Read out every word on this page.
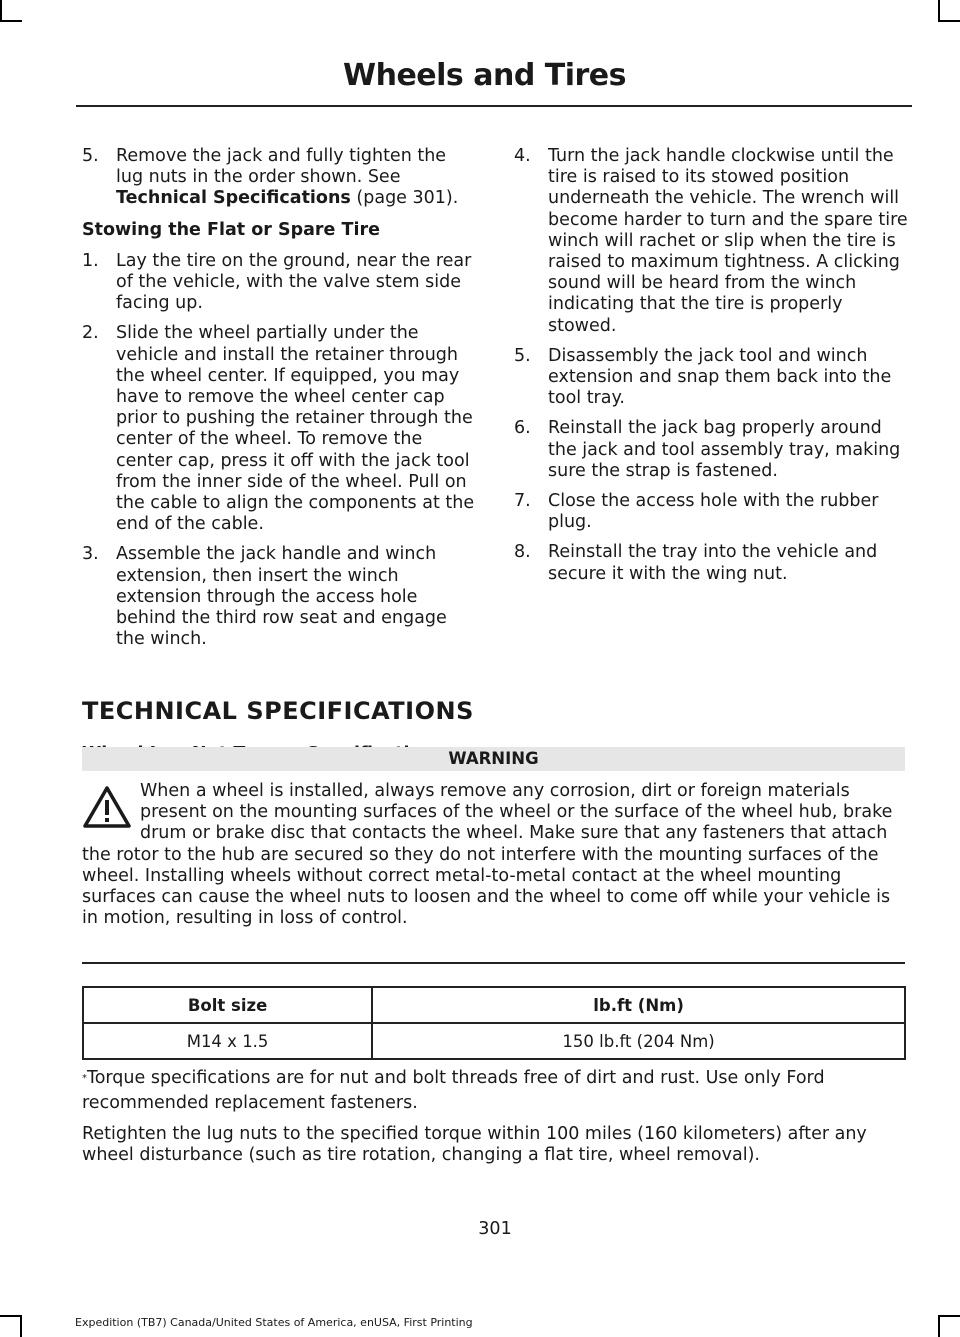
Wheels and Tires
5. Remove the jack and fully tighten the lug nuts in the order shown. See Technical Specifications (page 301).
Stowing the Flat or Spare Tire
1. Lay the tire on the ground, near the rear of the vehicle, with the valve stem side facing up.
2. Slide the wheel partially under the vehicle and install the retainer through the wheel center. If equipped, you may have to remove the wheel center cap prior to pushing the retainer through the center of the wheel. To remove the center cap, press it off with the jack tool from the inner side of the wheel. Pull on the cable to align the components at the end of the cable.
3. Assemble the jack handle and winch extension, then insert the winch extension through the access hole behind the third row seat and engage the winch.
4. Turn the jack handle clockwise until the tire is raised to its stowed position underneath the vehicle. The wrench will become harder to turn and the spare tire winch will rachet or slip when the tire is raised to maximum tightness. A clicking sound will be heard from the winch indicating that the tire is properly stowed.
5. Disassembly the jack tool and winch extension and snap them back into the tool tray.
6. Reinstall the jack bag properly around the jack and tool assembly tray, making sure the strap is fastened.
7. Close the access hole with the rubber plug.
8. Reinstall the tray into the vehicle and secure it with the wing nut.
TECHNICAL SPECIFICATIONS
WARNING
When a wheel is installed, always remove any corrosion, dirt or foreign materials present on the mounting surfaces of the wheel or the surface of the wheel hub, brake drum or brake disc that contacts the wheel. Make sure that any fasteners that attach the rotor to the hub are secured so they do not interfere with the mounting surfaces of the wheel. Installing wheels without correct metal-to-metal contact at the wheel mounting surfaces can cause the wheel nuts to loosen and the wheel to come off while your vehicle is in motion, resulting in loss of control.
Bolt size	lb.ft (Nm)
M14 x 1.5	150 lb.ft (204 Nm)
*Torque specifications are for nut and bolt threads free of dirt and rust. Use only Ford recommended replacement fasteners.
Retighten the lug nuts to the specified torque within 100 miles (160 kilometers) after any wheel disturbance (such as tire rotation, changing a flat tire, wheel removal).
301
Expedition (TB7) Canada/United States of America, enUSA, First Printing
